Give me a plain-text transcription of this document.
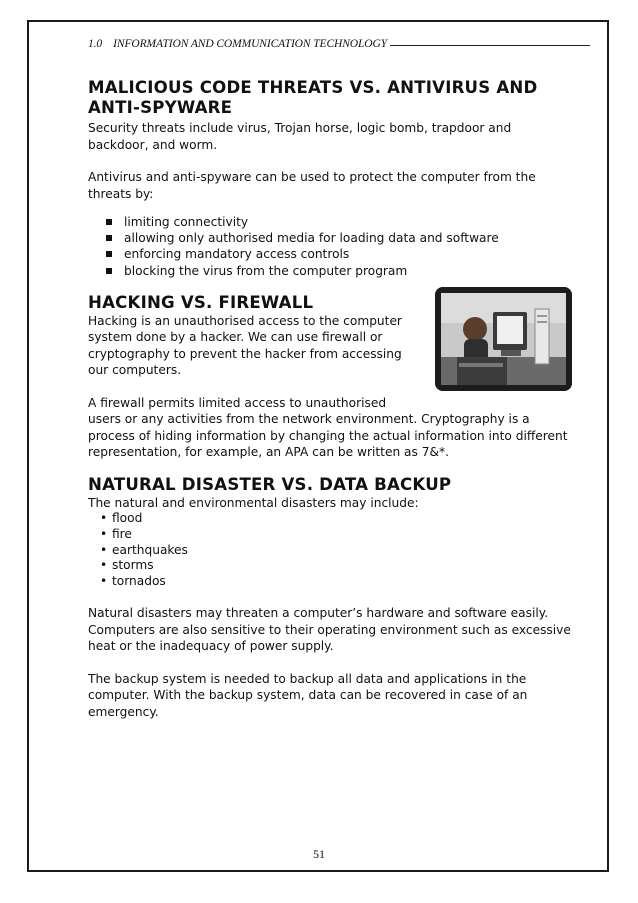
1.0    INFORMATION AND COMMUNICATION TECHNOLOGY
MALICIOUS CODE THREATS VS. ANTIVIRUS AND ANTI-SPYWARE

Security threats include virus, Trojan horse, logic bomb, trapdoor and backdoor, and worm.

Antivirus and anti-spyware can be used to protect the computer from the threats by:

limiting connectivity
allowing only authorised media for loading data and software
enforcing mandatory access controls
blocking the virus from the computer program
HACKING VS. FIREWALL

Hacking is an unauthorised access to the computer

system done by a hacker. We can use firewall or

cryptography to prevent the hacker from accessing

our computers.

A firewall permits limited access to unauthorised

users or any activities from the network environment. Cryptography is a process of hiding information by changing the actual information into different representation, for example, an APA can be written as 7&*.

NATURAL DISASTER VS. DATA BACKUP

The natural and environmental disasters may include:

• flood
• fire
• earthquakes
• storms
• tornados

Natural disasters may threaten a computer’s hardware and software easily. Computers are also sensitive to their operating environment such as excessive heat or the inadequacy of power supply.

The backup system is needed to backup all data and applications in the computer. With the backup system, data can be recovered in case of an emergency.

51
